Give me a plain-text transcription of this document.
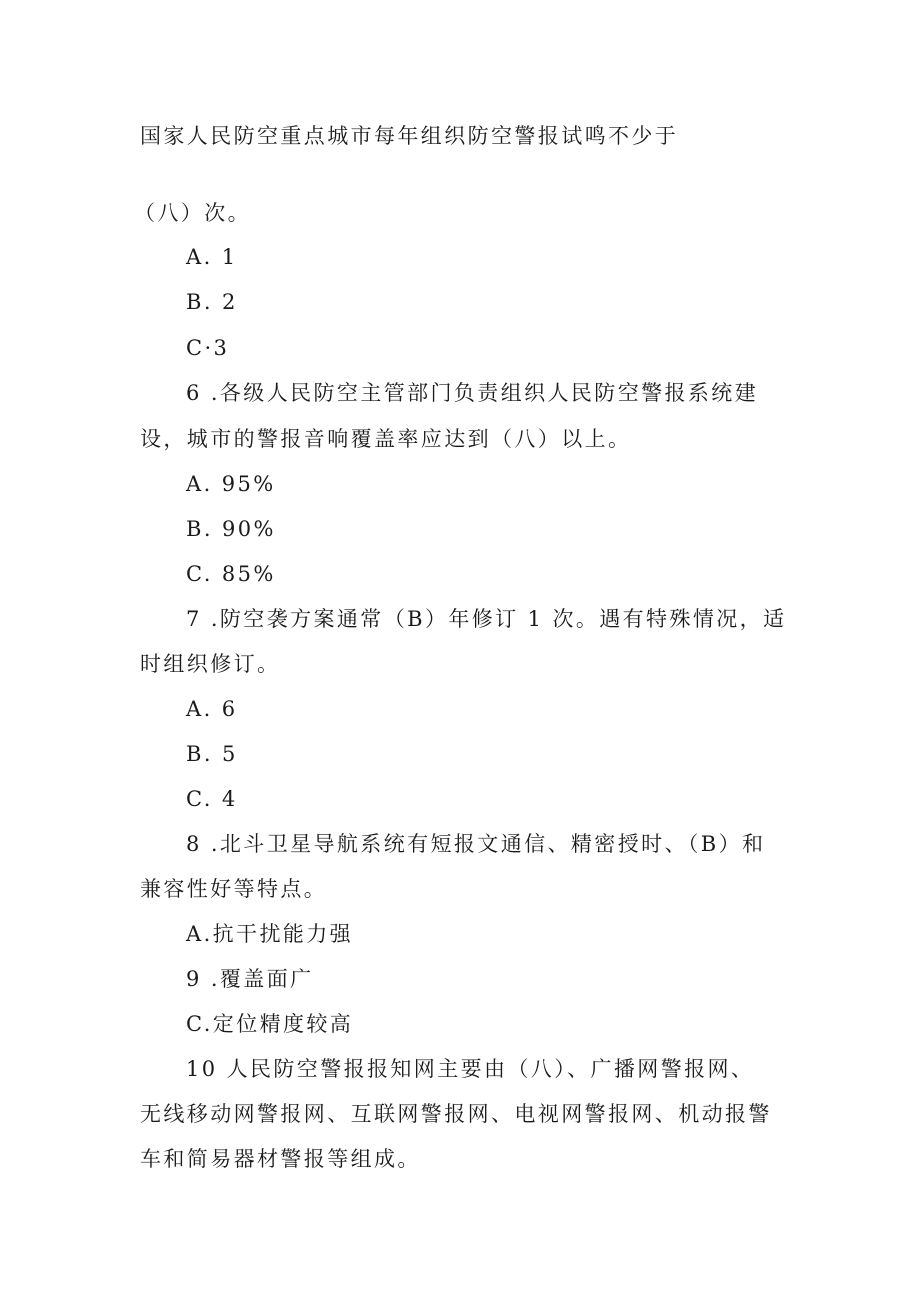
国家人民防空重点城市每年组织防空警报试鸣不少于
（八）次。
A. 1
B. 2
C·3
6 .各级人民防空主管部门负责组织人民防空警报系统建
设，城市的警报音响覆盖率应达到（八）以上。
A. 95%
B. 90%
C. 85%
7 .防空袭方案通常（B）年修订 1 次。遇有特殊情况，适
时组织修订。
A. 6
B. 5
C. 4
8 .北斗卫星导航系统有短报文通信、精密授时、（B）和
兼容性好等特点。
A.抗干扰能力强
9 .覆盖面广
C.定位精度较高
10 人民防空警报报知网主要由（八）、广播网警报网、
无线移动网警报网、互联网警报网、电视网警报网、机动报警
车和简易器材警报等组成。
